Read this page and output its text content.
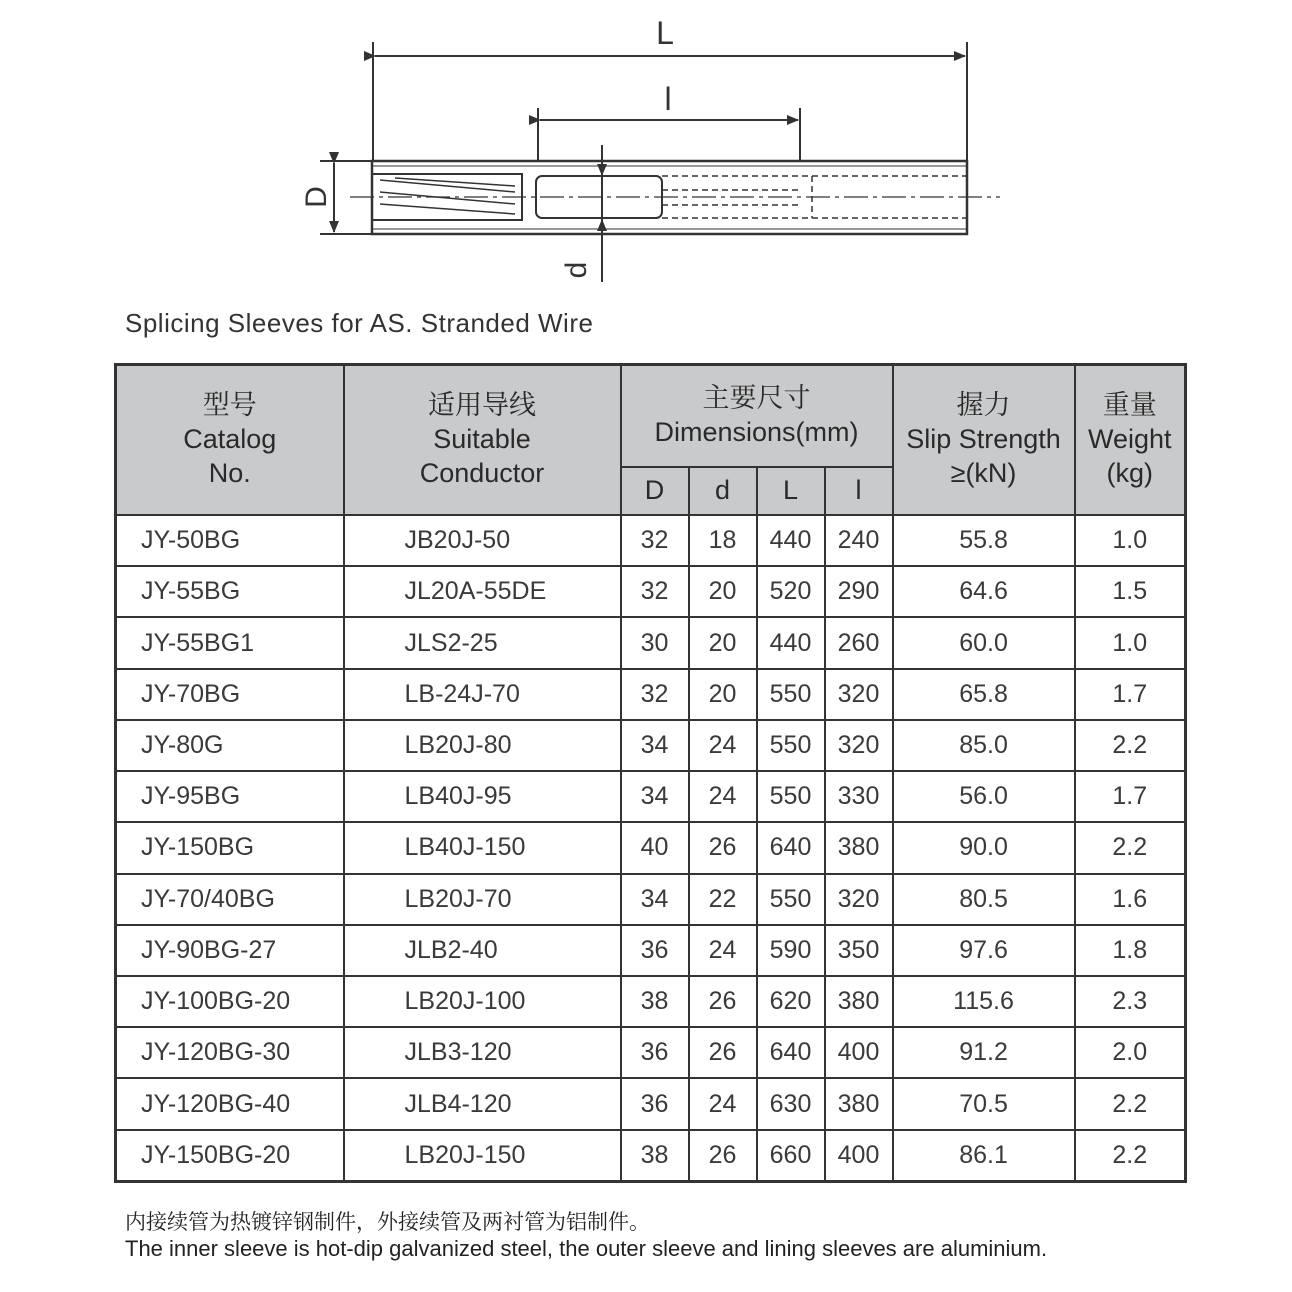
L
l
D
d
Splicing Sleeves for AS. Stranded Wire
型号
Catalog
No.	适用导线
Suitable
Conductor	主要尺寸
Dimensions(mm)				握力
Slip Strength
≥(kN)	重量
Weight
(kg)

		D	d	L	l		
JY-50BG	JB20J-50	32	18	440	240	55.8	1.0
JY-55BG	JL20A-55DE	32	20	520	290	64.6	1.5
JY-55BG1	JLS2-25	30	20	440	260	60.0	1.0
JY-70BG	LB-24J-70	32	20	550	320	65.8	1.7
JY-80G	LB20J-80	34	24	550	320	85.0	2.2
JY-95BG	LB40J-95	34	24	550	330	56.0	1.7
JY-150BG	LB40J-150	40	26	640	380	90.0	2.2
JY-70/40BG	LB20J-70	34	22	550	320	80.5	1.6
JY-90BG-27	JLB2-40	36	24	590	350	97.6	1.8
JY-100BG-20	LB20J-100	38	26	620	380	115.6	2.3
JY-120BG-30	JLB3-120	36	26	640	400	91.2	2.0
JY-120BG-40	JLB4-120	36	24	630	380	70.5	2.2
JY-150BG-20	LB20J-150	38	26	660	400	86.1	2.2
内接续管为热镀锌钢制件，外接续管及两衬管为铝制件。
The inner sleeve is hot-dip galvanized steel, the outer sleeve and lining sleeves are aluminium.
